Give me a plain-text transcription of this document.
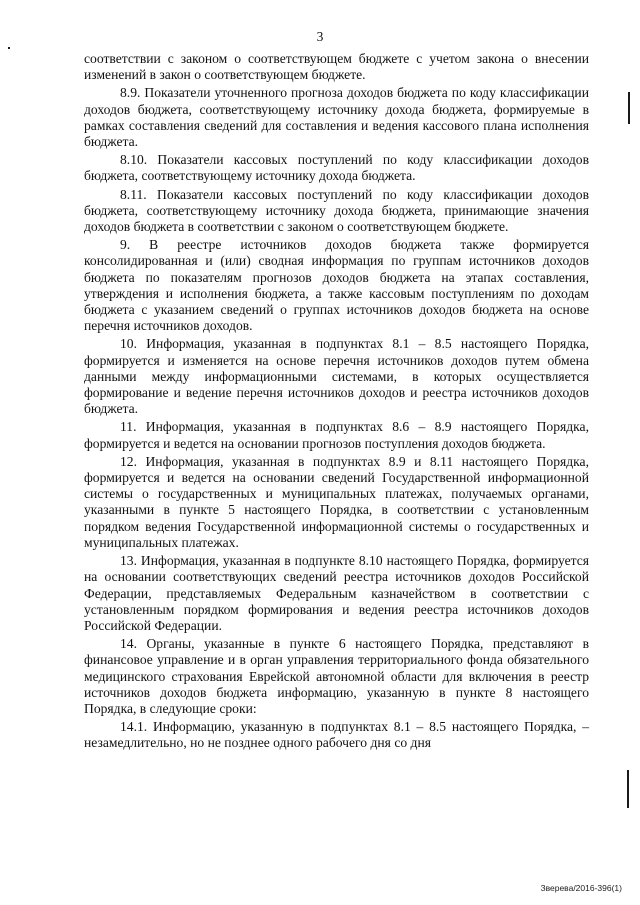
3

соответствии с законом о соответствующем бюджете с учетом закона о внесении изменений в закон о соответствующем бюджете.

8.9. Показатели уточненного прогноза доходов бюджета по коду классификации доходов бюджета, соответствующему источнику дохода бюджета, формируемые в рамках составления сведений для составления и ведения кассового плана исполнения бюджета.

8.10. Показатели кассовых поступлений по коду классификации доходов бюджета, соответствующему источнику дохода бюджета.

8.11. Показатели кассовых поступлений по коду классификации доходов бюджета, соответствующему источнику дохода бюджета, принимающие значения доходов бюджета в соответствии с законом о соответствующем бюджете.

9. В реестре источников доходов бюджета также формируется консолидированная и (или) сводная информация по группам источников доходов бюджета по показателям прогнозов доходов бюджета на этапах составления, утверждения и исполнения бюджета, а также кассовым поступлениям по доходам бюджета с указанием сведений о группах источников доходов бюджета на основе перечня источников доходов.

10. Информация, указанная в подпунктах 8.1 – 8.5 настоящего Порядка, формируется и изменяется на основе перечня источников доходов путем обмена данными между информационными системами, в которых осуществляется формирование и ведение перечня источников доходов и реестра источников доходов бюджета.

11. Информация, указанная в подпунктах 8.6 – 8.9 настоящего Порядка, формируется и ведется на основании прогнозов поступления доходов бюджета.

12. Информация, указанная в подпунктах 8.9 и 8.11 настоящего Порядка, формируется и ведется на основании сведений Государственной информационной системы о государственных и муниципальных платежах, получаемых органами, указанными в пункте 5 настоящего Порядка, в соответствии с установленным порядком ведения Государственной информационной системы о государственных и муниципальных платежах.

13. Информация, указанная в подпункте 8.10 настоящего Порядка, формируется на основании соответствующих сведений реестра источников доходов Российской Федерации, представляемых Федеральным казначейством в соответствии с установленным порядком формирования и ведения реестра источников доходов Российской Федерации.

14. Органы, указанные в пункте 6 настоящего Порядка, представляют в финансовое управление и в орган управления территориального фонда обязательного медицинского страхования Еврейской автономной области для включения в реестр источников доходов бюджета информацию, указанную в пункте 8 настоящего Порядка, в следующие сроки:

14.1. Информацию, указанную в подпунктах 8.1 – 8.5 настоящего Порядка, – незамедлительно, но не позднее одного рабочего дня со дня

Зверева/2016-396(1)
